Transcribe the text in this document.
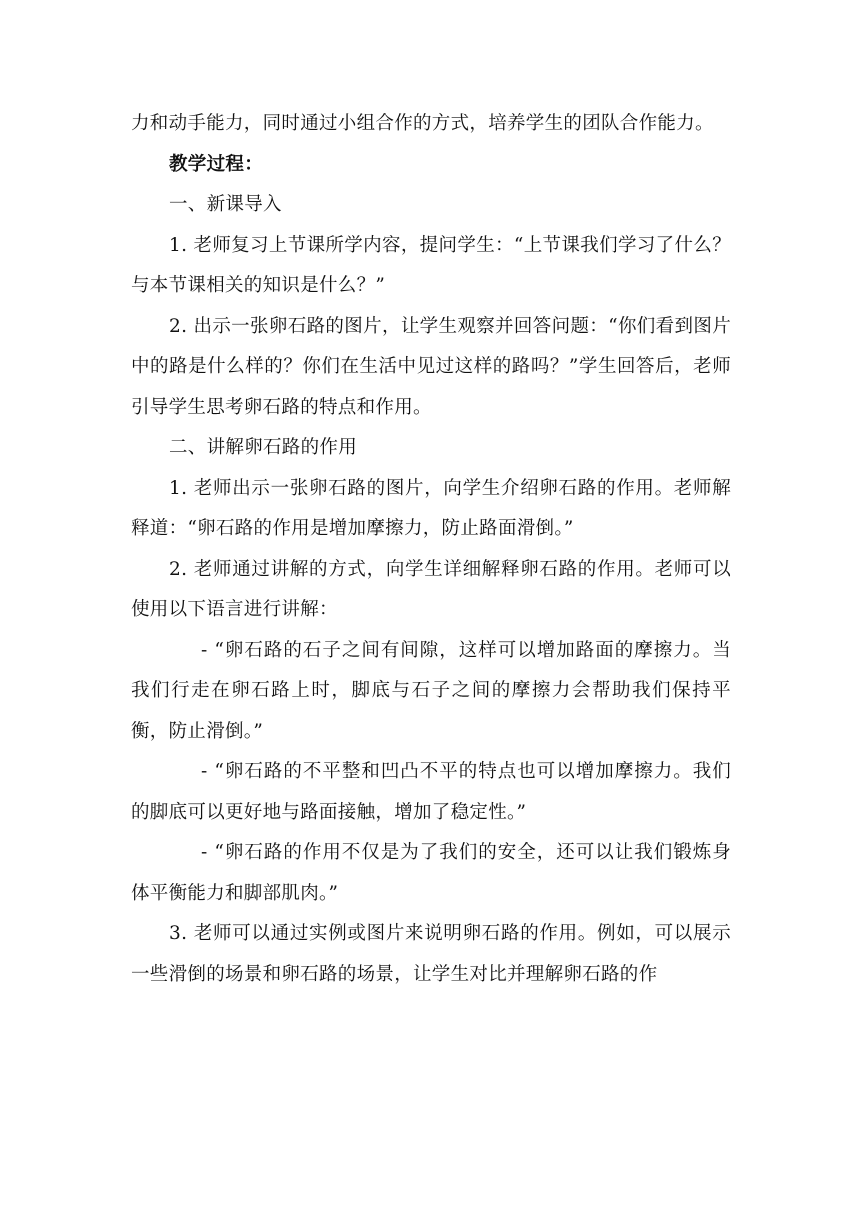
力和动手能力，同时通过小组合作的方式，培养学生的团队合作能力。

教学过程：

一、新课导入

1. 老师复习上节课所学内容，提问学生：“上节课我们学习了什么？与本节课相关的知识是什么？”

2. 出示一张卵石路的图片，让学生观察并回答问题：“你们看到图片中的路是什么样的？你们在生活中见过这样的路吗？”学生回答后，老师引导学生思考卵石路的特点和作用。

二、讲解卵石路的作用

1. 老师出示一张卵石路的图片，向学生介绍卵石路的作用。老师解释道：“卵石路的作用是增加摩擦力，防止路面滑倒。”

2. 老师通过讲解的方式，向学生详细解释卵石路的作用。老师可以使用以下语言进行讲解：

- “卵石路的石子之间有间隙，这样可以增加路面的摩擦力。当我们行走在卵石路上时，脚底与石子之间的摩擦力会帮助我们保持平衡，防止滑倒。”

- “卵石路的不平整和凹凸不平的特点也可以增加摩擦力。我们的脚底可以更好地与路面接触，增加了稳定性。”

- “卵石路的作用不仅是为了我们的安全，还可以让我们锻炼身体平衡能力和脚部肌肉。”

3. 老师可以通过实例或图片来说明卵石路的作用。例如，可以展示一些滑倒的场景和卵石路的场景，让学生对比并理解卵石路的作
